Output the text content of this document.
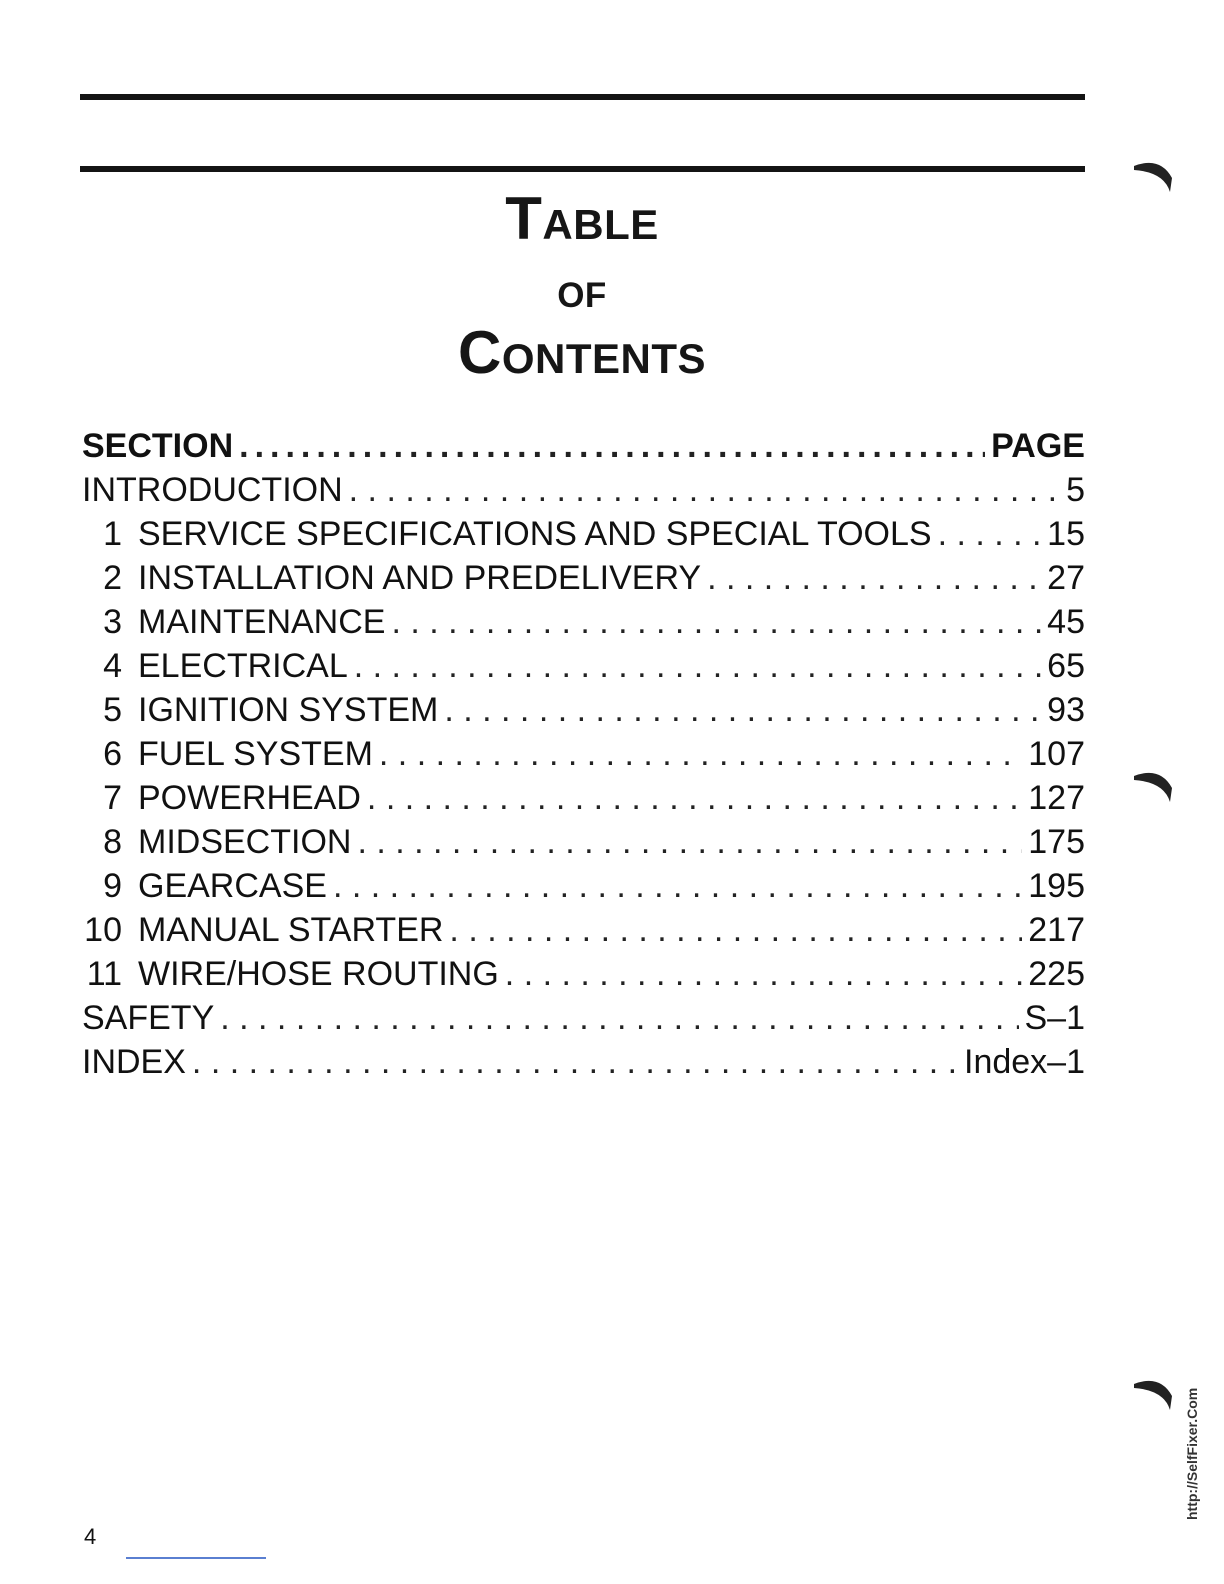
Table
of
Contents
SECTION .....	PAGE
INTRODUCTION . . .	5
1 SERVICE SPECIFICATIONS AND SPECIAL TOOLS . . .	15
2 INSTALLATION AND PREDELIVERY . . .	27
3 MAINTENANCE . . .	45
4 ELECTRICAL . . .	65
5 IGNITION SYSTEM . . .	93
6 FUEL SYSTEM . . .	107
7 POWERHEAD . . .	127
8 MIDSECTION . . .	175
9 GEARCASE . . .	195
10 MANUAL STARTER . . .	217
11 WIRE/HOSE ROUTING . . .	225
SAFETY . . .	S–1
INDEX . . .	Index–1
4
http://SelfFixer.Com
